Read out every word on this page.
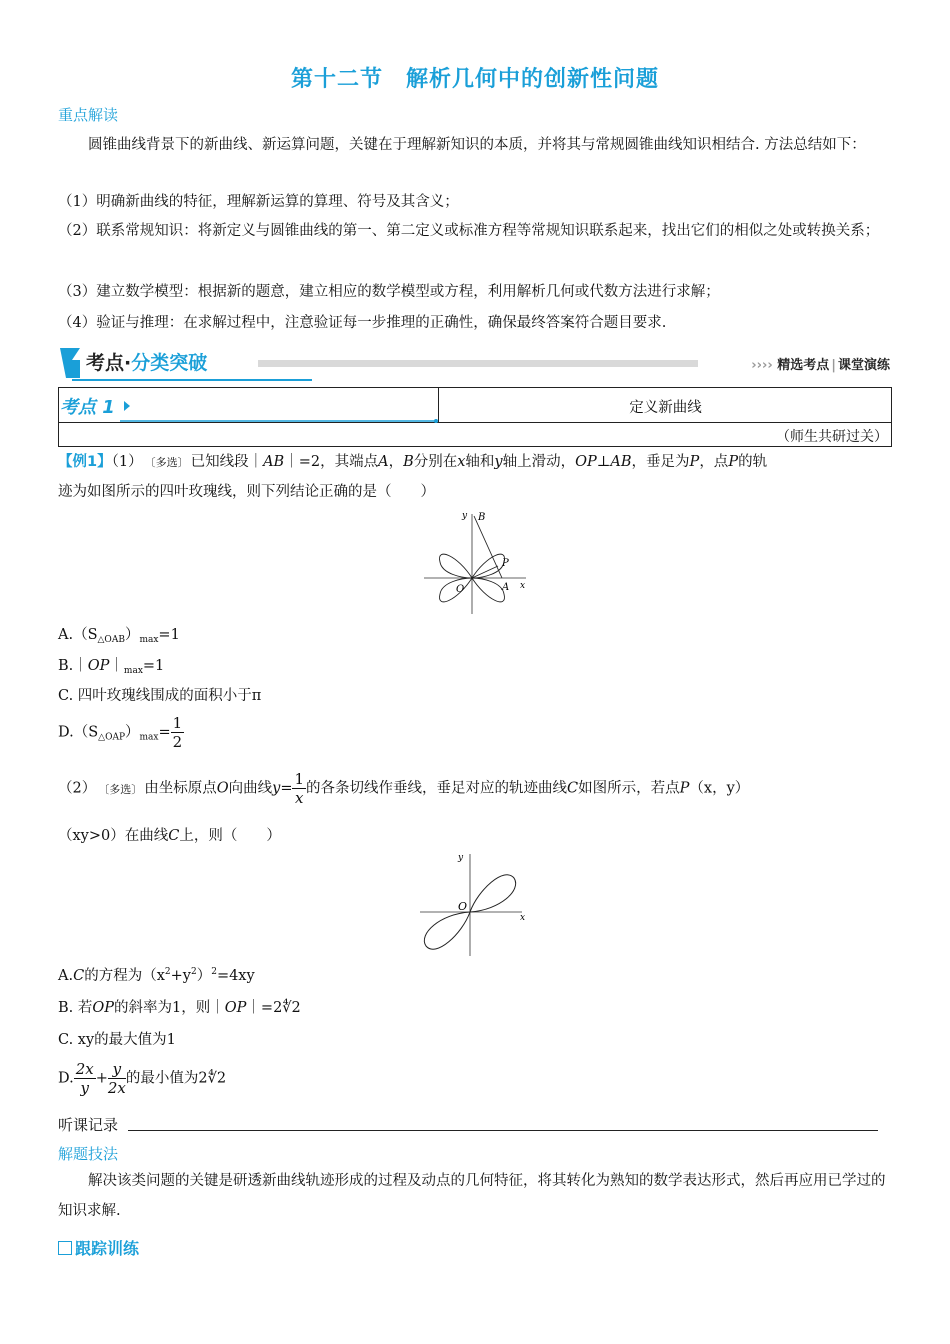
第十二节　解析几何中的创新性问题
重点解读
圆锥曲线背景下的新曲线、新运算问题，关键在于理解新知识的本质，并将其与常规圆锥曲线知识相结合. 方法总结如下：
（1）明确新曲线的特征，理解新运算的算理、符号及其含义；
（2）联系常规知识：将新定义与圆锥曲线的第一、第二定义或标准方程等常规知识联系起来，找出它们的相似之处或转换关系；
（3）建立数学模型：根据新的题意，建立相应的数学模型或方程，利用解析几何或代数方法进行求解；
（4）验证与推理：在求解过程中，注意验证每一步推理的正确性，确保最终答案符合题目要求.
考点·分类突破	›››› 精选考点 | 课堂演练
考点 1	定义新曲线
（师生共研过关）
【例1】（1） 〔多选〕 已知线段｜AB｜=2，其端点A，B分别在x轴和y轴上滑动，OP⊥AB，垂足为P，点P的轨
迹为如图所示的四叶玫瑰线，则下列结论正确的是（　　）
y B
P
O	A x
$A.(S_{\triangle OAB})_{max}=1$
$B.|OP|_{max}=1$
C. 四叶玫瑰线围成的面积小于π
$D.(S_{\triangle OAP})_{max}= \frac{1}{2}$
（2） 〔多选〕 由坐标原点O向曲线$y= \frac{1}{x}$ 的各条切线作垂线，垂足对应的轨迹曲线C如图所示，若点P（x，y）
（xy>0）在曲线C上，则（　　）
y
O
x
A.C的方程为$(x^2+y^2)^2=4xy$
B. 若OP的斜率为1，则｜OP｜=2∜2
C. xy的最大值为1
D. $\frac{2x}{y} + \frac{y}{2x}$ 的最小值为2∜2
听课记录
解题技法
解决该类问题的关键是研透新曲线轨迹形成的过程及动点的几何特征，将其转化为熟知的数学表达形式，然后再应用已学过的知识求解.
跟踪训练
